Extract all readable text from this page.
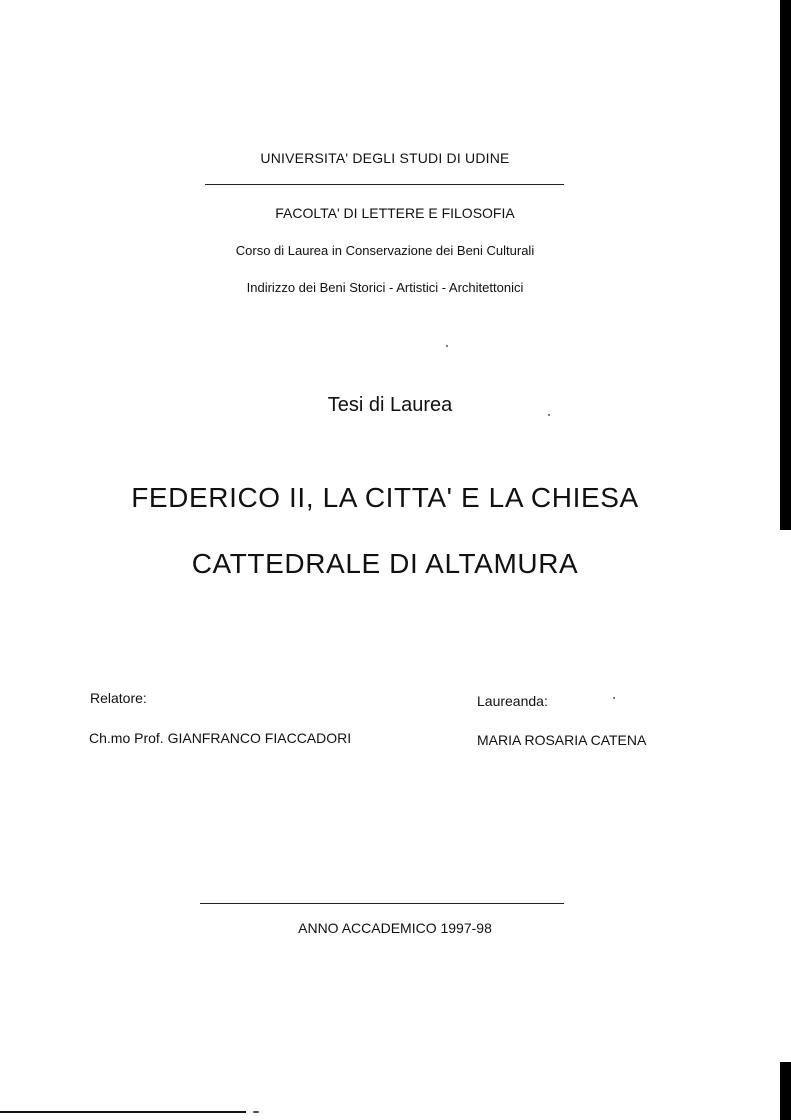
UNIVERSITA' DEGLI STUDI DI UDINE
FACOLTA' DI LETTERE E FILOSOFIA
Corso di Laurea in Conservazione dei Beni Culturali
Indirizzo dei Beni Storici - Artistici - Architettonici
Tesi di Laurea
FEDERICO II, LA CITTA' E LA CHIESA
CATTEDRALE DI ALTAMURA
Relatore:	Laureanda:
Ch.mo Prof. GIANFRANCO FIACCADORI	MARIA ROSARIA CATENA
ANNO ACCADEMICO 1997-98
